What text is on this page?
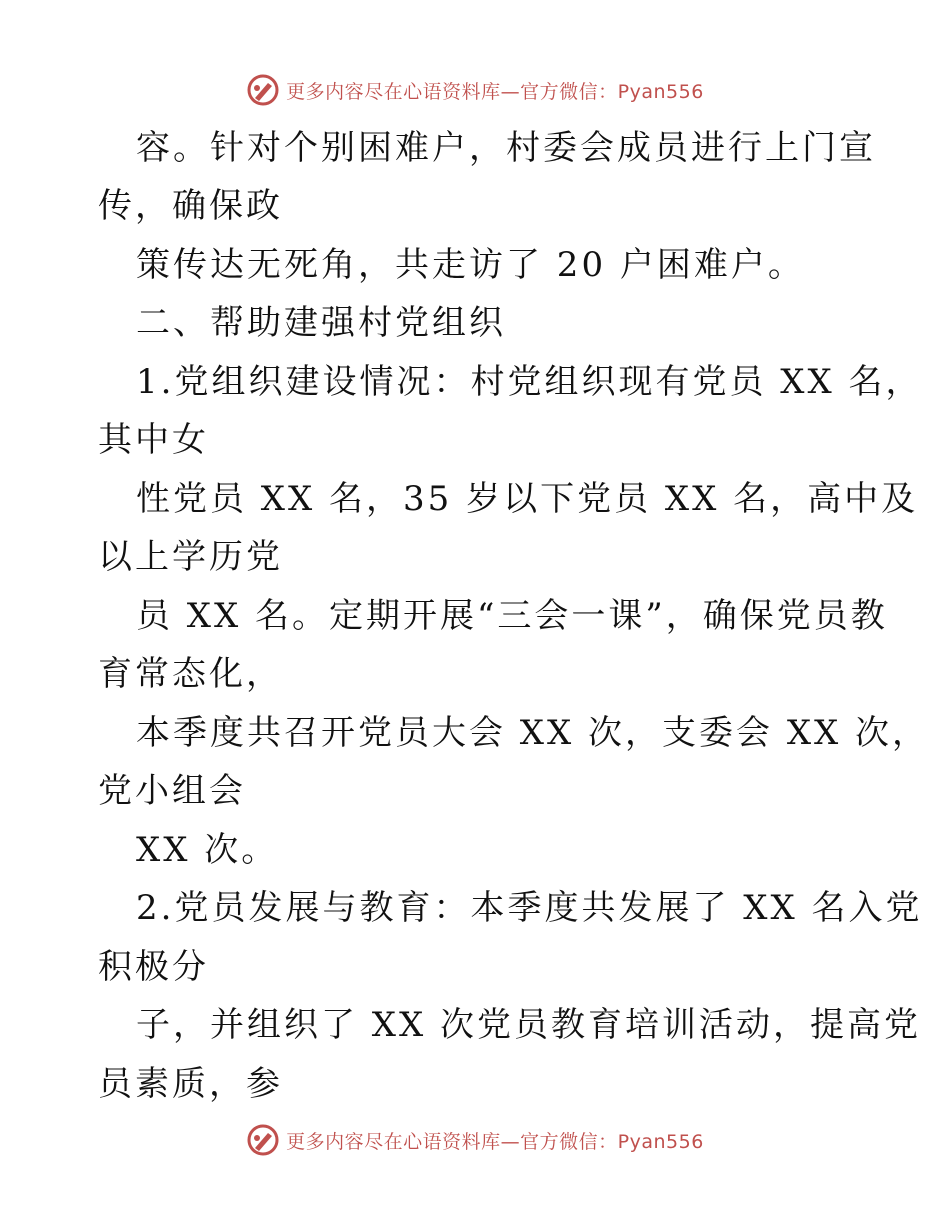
更多内容尽在心语资料库—官方微信：Pyan556
容。针对个别困难户，村委会成员进行上门宣
传，确保政
策传达无死角，共走访了 20 户困难户。
二、帮助建强村党组织
1.党组织建设情况：村党组织现有党员 XX 名，
其中女
性党员 XX 名，35 岁以下党员 XX 名，高中及
以上学历党
员 XX 名。定期开展“三会一课”，确保党员教
育常态化，
本季度共召开党员大会 XX 次，支委会 XX 次，
党小组会
XX 次。
2.党员发展与教育：本季度共发展了 XX 名入党
积极分
子，并组织了 XX 次党员教育培训活动，提高党
员素质，参
更多内容尽在心语资料库—官方微信：Pyan556
